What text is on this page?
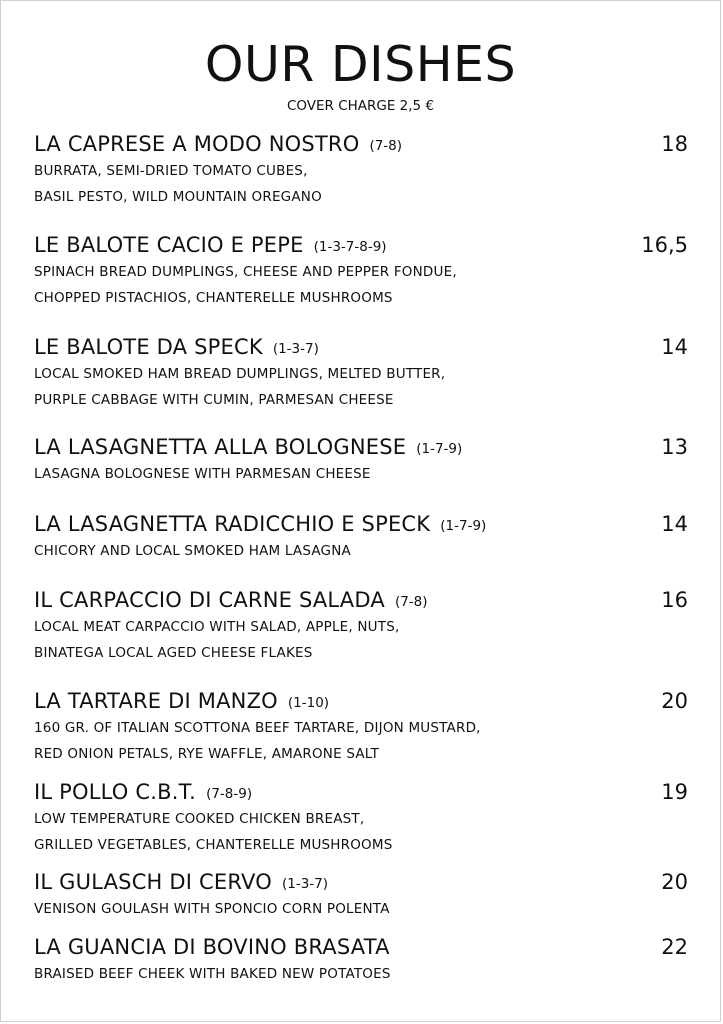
OUR DISHES
COVER CHARGE 2,5 €
LA CAPRESE A MODO NOSTRO (7-8)	18
BURRATA, SEMI-DRIED TOMATO CUBES,
BASIL PESTO, WILD MOUNTAIN OREGANO
LE BALOTE CACIO E PEPE (1-3-7-8-9)	16,5
SPINACH BREAD DUMPLINGS, CHEESE AND PEPPER FONDUE,
CHOPPED PISTACHIOS, CHANTERELLE MUSHROOMS
LE BALOTE DA SPECK (1-3-7)	14
LOCAL SMOKED HAM BREAD DUMPLINGS, MELTED BUTTER,
PURPLE CABBAGE WITH CUMIN, PARMESAN CHEESE
LA LASAGNETTA ALLA BOLOGNESE (1-7-9)	13
LASAGNA BOLOGNESE WITH PARMESAN CHEESE
LA LASAGNETTA RADICCHIO E SPECK (1-7-9)	14
CHICORY AND LOCAL SMOKED HAM LASAGNA
IL CARPACCIO DI CARNE SALADA (7-8)	16
LOCAL MEAT CARPACCIO WITH SALAD, APPLE, NUTS,
BINATEGA LOCAL AGED CHEESE FLAKES
LA TARTARE DI MANZO (1-10)	20
160 GR. OF ITALIAN SCOTTONA BEEF TARTARE, DIJON MUSTARD,
RED ONION PETALS, RYE WAFFLE, AMARONE SALT
IL POLLO C.B.T. (7-8-9)	19
LOW TEMPERATURE COOKED CHICKEN BREAST,
GRILLED VEGETABLES, CHANTERELLE MUSHROOMS
IL GULASCH DI CERVO (1-3-7)	20
VENISON GOULASH WITH SPONCIO CORN POLENTA
LA GUANCIA DI BOVINO BRASATA	22
BRAISED BEEF CHEEK WITH BAKED NEW POTATOES
